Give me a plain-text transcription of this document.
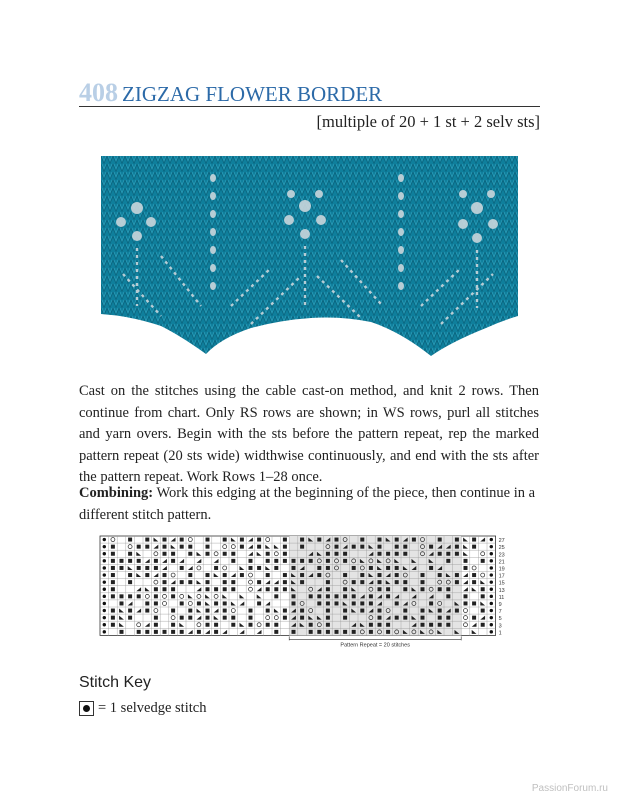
408 ZIGZAG FLOWER BORDER
[multiple of 20 + 1 st + 2 selv sts]
Cast on the stitches using the cable cast-on method, and knit 2 rows. Then continue from chart. Only RS rows are shown; in WS rows, purl all stitches and yarn overs. Begin with the sts before the pattern repeat, rep the marked pattern repeat (20 sts wide) widthwise continuously, and end with the sts after the pattern repeat. Work Rows 1–28 once.
Combining: Work this edging at the beginning of the piece, then continue in a different stitch pattern.
27
25
23
21
19
17
15
13
11
9
7
5
3
1
Pattern Repeat = 20 stitches
Stitch Key
= 1 selvedge stitch
PassionForum.ru
